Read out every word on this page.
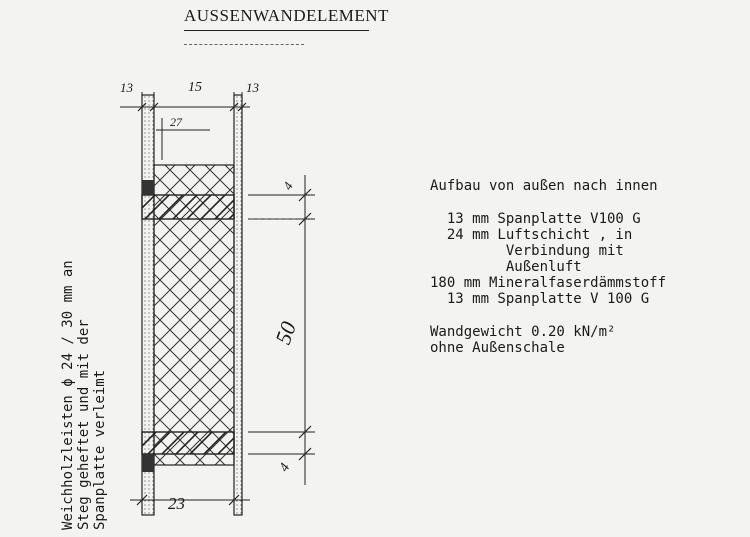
AUSSENWANDELEMENT
13	15	13
27
4
50
4
23
Aufbau von außen nach innen
13 mm Spanplatte V100 G
24 mm Luftschicht , in
Verbindung mit
Außenluft
180 mm Mineralfaserdämmstoff
13 mm Spanplatte V 100 G
Wandgewicht 0.20 kN/m²
ohne Außenschale
Weichholzleisten ϕ 24 / 30 mm an Steg geheftet und mit der Spanplatte verleimt
